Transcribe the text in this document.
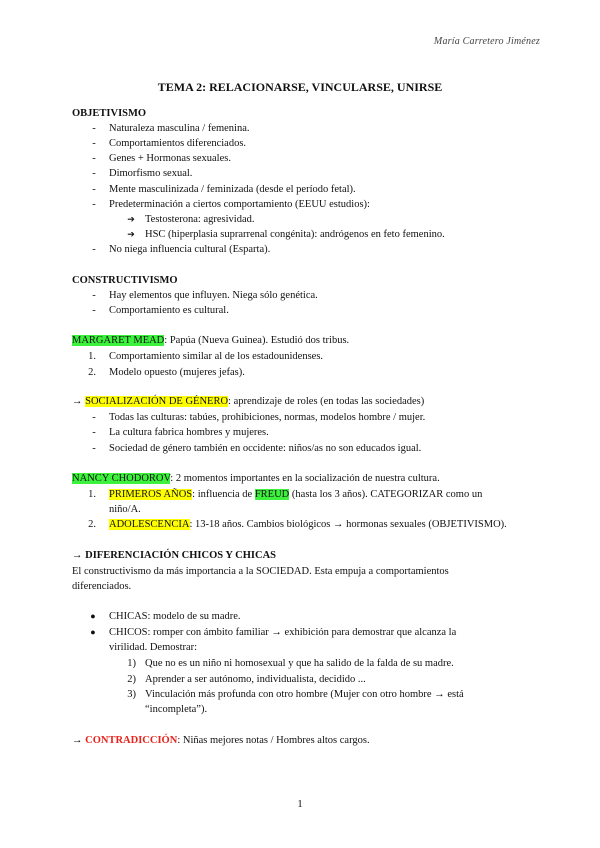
María Carretero Jiménez
TEMA 2: RELACIONARSE, VINCULARSE, UNIRSE
OBJETIVISMO
-	Naturaleza masculina / femenina.
-	Comportamientos diferenciados.
-	Genes + Hormonas sexuales.
-	Dimorfismo sexual.
-	Mente masculinizada / feminizada (desde el período fetal).
-	Predeterminación a ciertos comportamiento (EEUU estudios):
➔ Testosterona: agresividad.
➔ HSC (hiperplasia suprarrenal congénita): andrógenos en feto femenino.
-	No niega influencia cultural (Esparta).
CONSTRUCTIVISMO
-	Hay elementos que influyen. Niega sólo genética.
-	Comportamiento es cultural.
MARGARET MEAD: Papúa (Nueva Guinea). Estudió dos tribus.
1. Comportamiento similar al de los estadounidenses.
2. Modelo opuesto (mujeres jefas).
→ SOCIALIZACIÓN DE GÉNERO: aprendizaje de roles (en todas las sociedades)
-	Todas las culturas: tabúes, prohibiciones, normas, modelos hombre / mujer.
-	La cultura fabrica hombres y mujeres.
-	Sociedad de género también en occidente: niños/as no son educados igual.
NANCY CHODOROV: 2 momentos importantes en la socialización de nuestra cultura.
1. PRIMEROS AÑOS: influencia de FREUD (hasta los 3 años). CATEGORIZAR como un
niño/A.
2. ADOLESCENCIA: 13-18 años. Cambios biológicos → hormonas sexuales (OBJETIVISMO).
→ DIFERENCIACIÓN CHICOS Y CHICAS
El constructivismo da más importancia a la SOCIEDAD. Esta empuja a comportamientos
diferenciados.
● CHICAS: modelo de su madre.
● CHICOS: romper con ámbito familiar → exhibición para demostrar que alcanza la
virilidad. Demostrar:
1) Que no es un niño ni homosexual y que ha salido de la falda de su madre.
2) Aprender a ser autónomo, individualista, decidido ...
3) Vinculación más profunda con otro hombre (Mujer con otro hombre → está
“incompleta”).
→ CONTRADICCIÓN: Niñas mejores notas / Hombres altos cargos.
1
